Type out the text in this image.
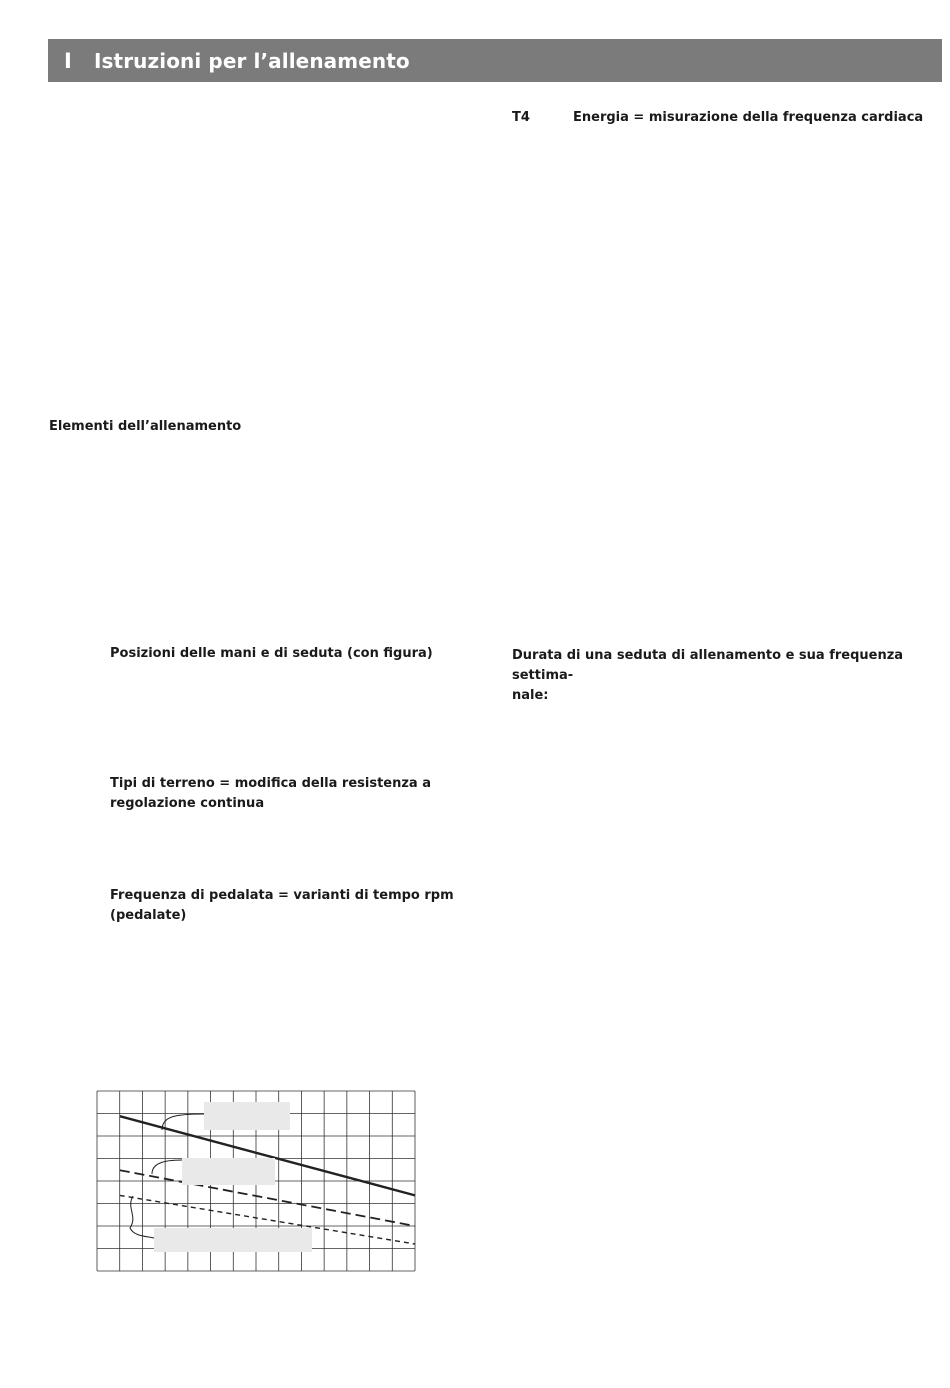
I	Istruzioni per l’allenamento
T4	Energia = misurazione della frequenza cardiaca
Elementi dell’allenamento
Posizioni delle mani e di seduta (con figura)
Tipi di terreno = modifica della resistenza a
regolazione continua
Frequenza di pedalata = varianti di tempo rpm
(pedalate)
Durata di una seduta di allenamento e sua frequenza settima-
nale:
